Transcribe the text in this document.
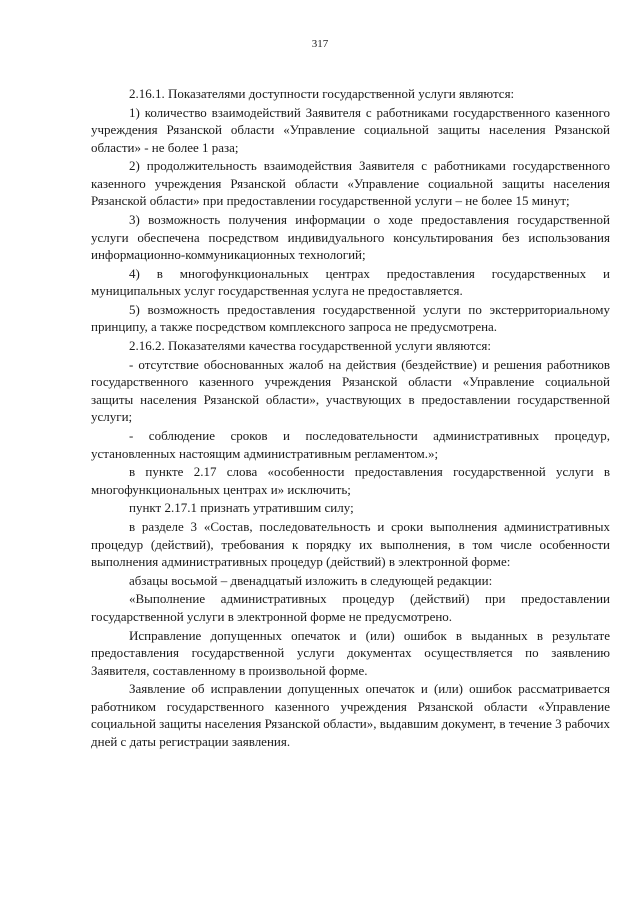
317

2.16.1. Показателями доступности государственной услуги являются:

1) количество взаимодействий Заявителя с работниками государственного казенного учреждения Рязанской области «Управление социальной защиты населения Рязанской области» - не более 1 раза;

2) продолжительность взаимодействия Заявителя с работниками государственного казенного учреждения Рязанской области «Управление социальной защиты населения Рязанской области» при предоставлении государственной услуги – не более 15 минут;

3) возможность получения информации о ходе предоставления государственной услуги обеспечена посредством индивидуального консультирования без использования информационно-коммуникационных технологий;

4) в многофункциональных центрах предоставления государственных и муниципальных услуг государственная услуга не предоставляется.

5) возможность предоставления государственной услуги по экстерриториальному принципу, а также посредством комплексного запроса не предусмотрена.

2.16.2. Показателями качества государственной услуги являются:

- отсутствие обоснованных жалоб на действия (бездействие) и решения работников государственного казенного учреждения Рязанской области «Управление социальной защиты населения Рязанской области», участвующих в предоставлении государственной услуги;

- соблюдение сроков и последовательности административных процедур, установленных настоящим административным регламентом.»;

в пункте 2.17 слова «особенности предоставления государственной услуги в многофункциональных центрах и» исключить;

пункт 2.17.1 признать утратившим силу;

в разделе 3 «Состав, последовательность и сроки выполнения административных процедур (действий), требования к порядку их выполнения, в том числе особенности выполнения административных процедур (действий) в электронной форме:

абзацы восьмой – двенадцатый изложить в следующей редакции:

«Выполнение административных процедур (действий) при предоставлении государственной услуги в электронной форме не предусмотрено.

Исправление допущенных опечаток и (или) ошибок в выданных в результате предоставления государственной услуги документах осуществляется по заявлению Заявителя, составленному в произвольной форме.

Заявление об исправлении допущенных опечаток и (или) ошибок рассматривается работником государственного казенного учреждения Рязанской области «Управление социальной защиты населения Рязанской области», выдавшим документ, в течение 3 рабочих дней с даты регистрации заявления.
